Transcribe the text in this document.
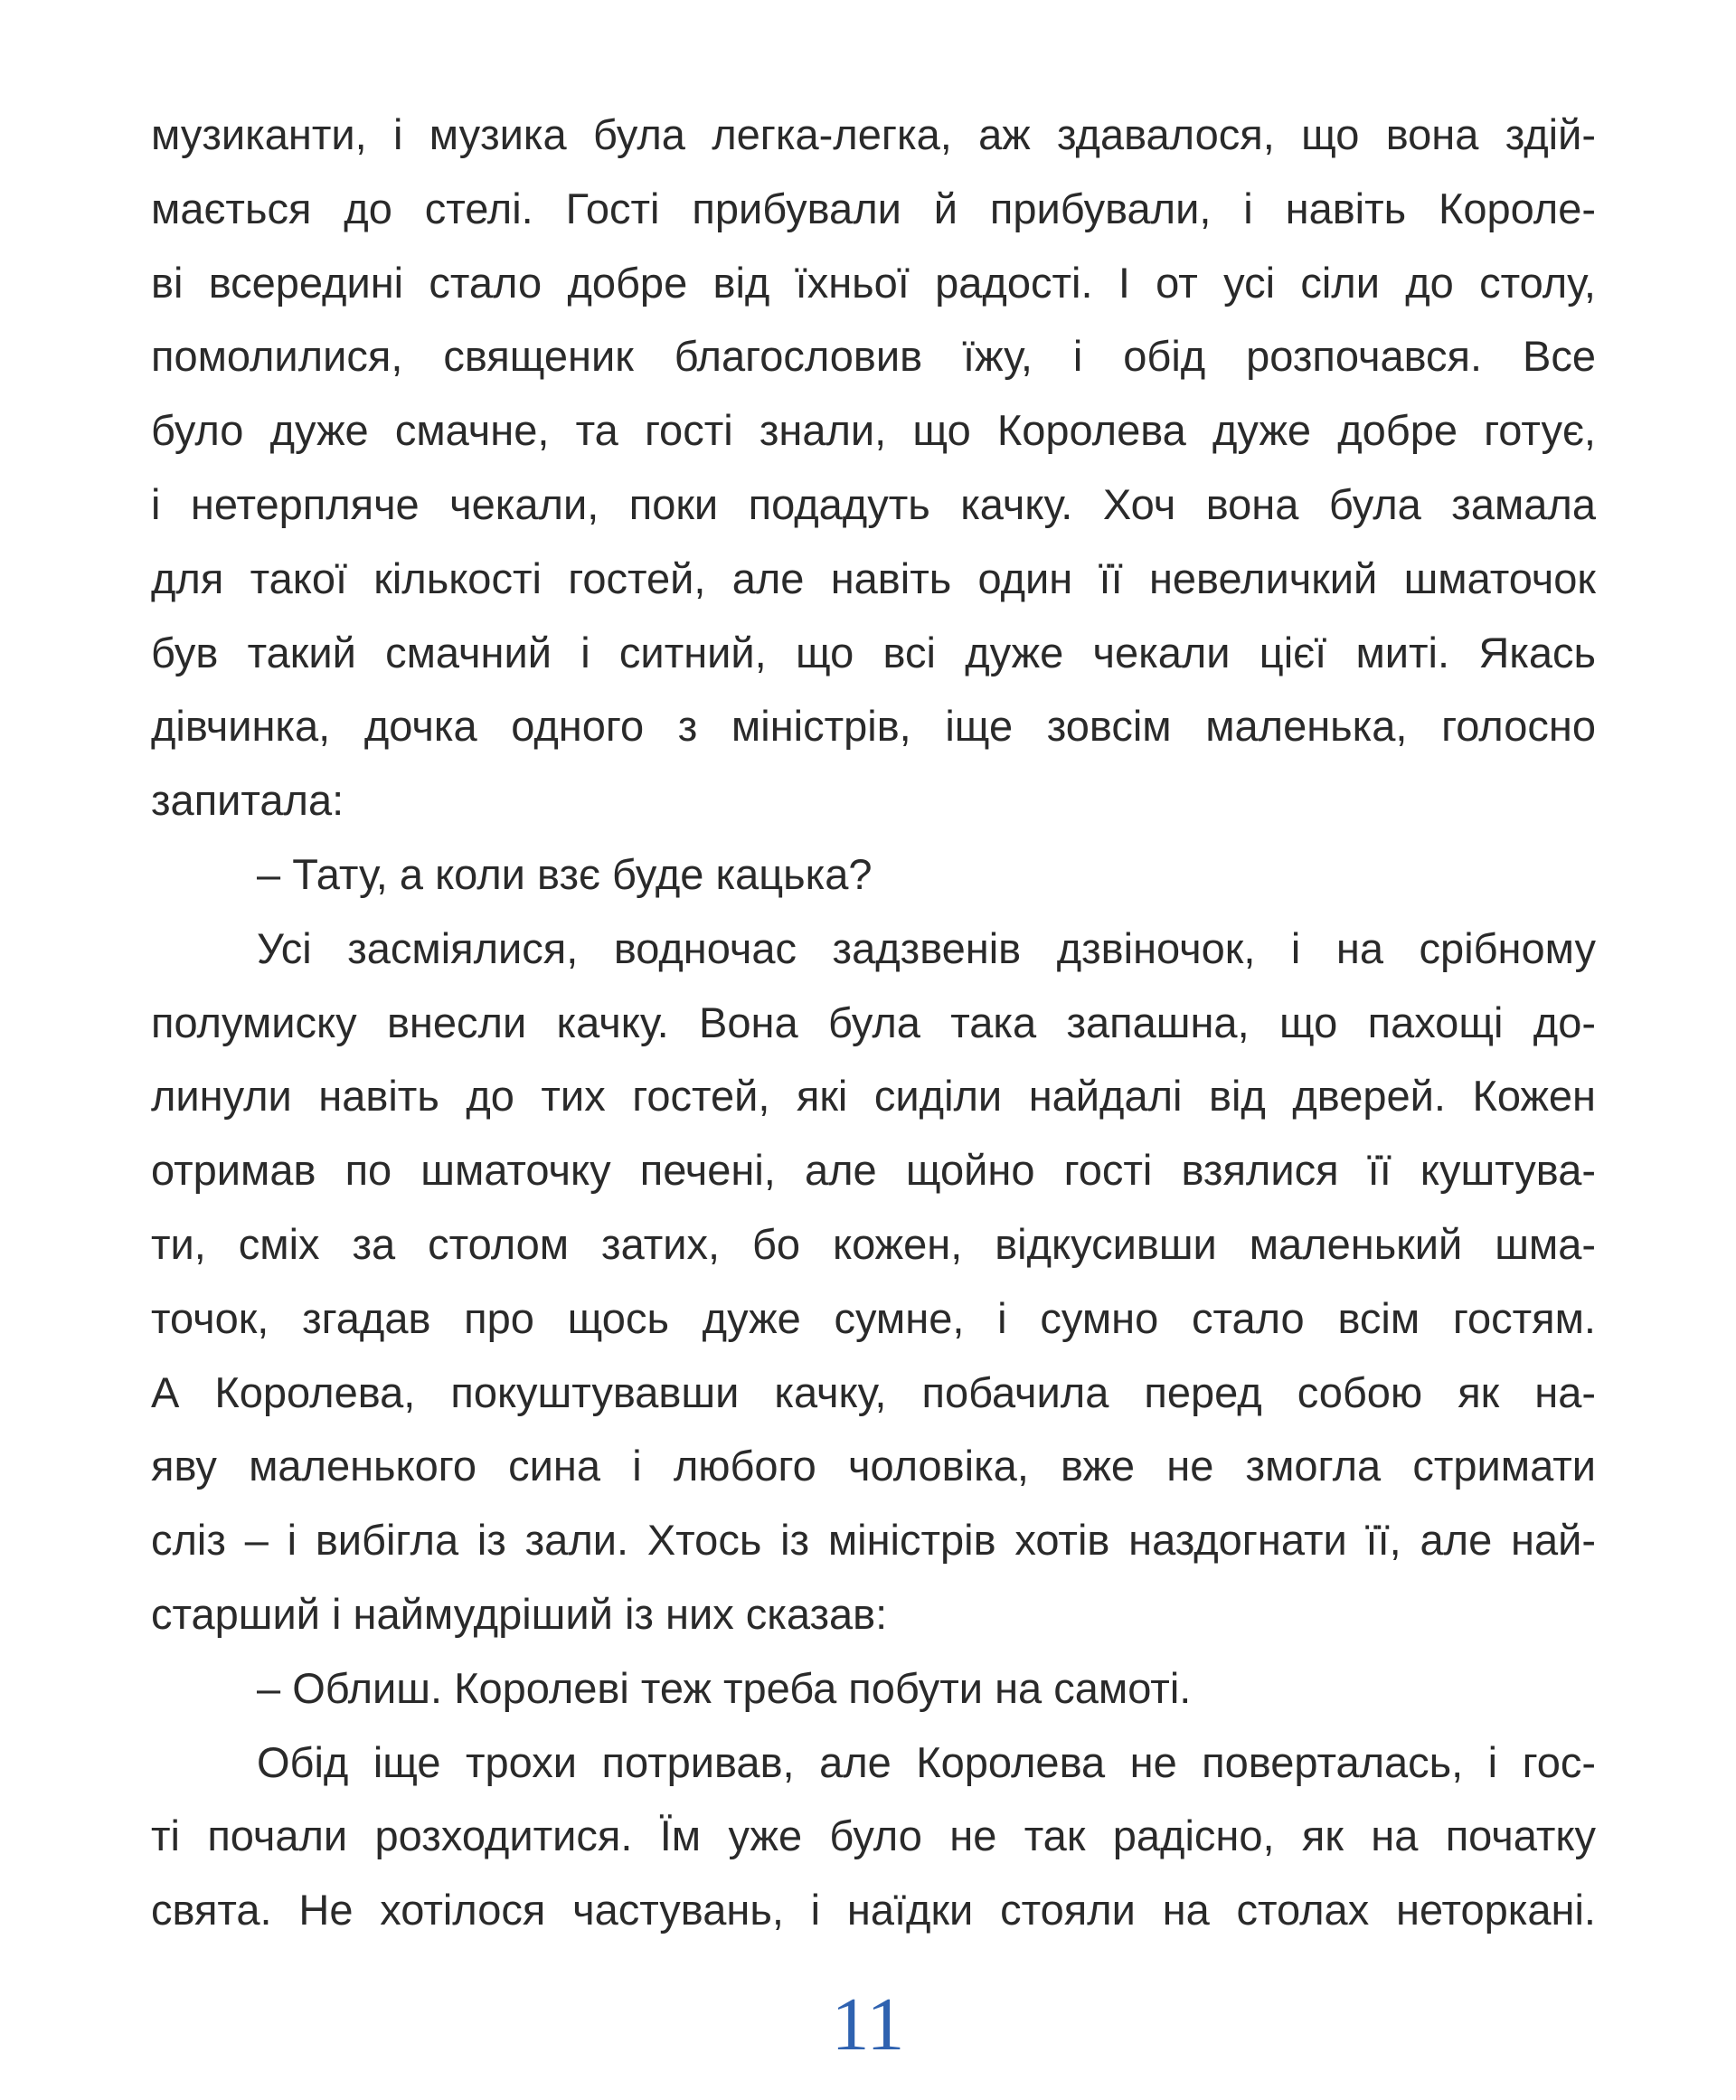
музиканти, і музика була легка-легка, аж здавалося, що вона здій-
мається до стелі. Гості прибували й прибували, і навіть Короле-
ві всередині стало добре від їхньої радості. І от усі сіли до столу,
помолилися, священик благословив їжу, і обід розпочався. Все
було дуже смачне, та гості знали, що Королева дуже добре готує,
і нетерпляче чекали, поки подадуть качку. Хоч вона була замала
для такої кількості гостей, але навіть один її невеличкий шматочок
був такий смачний і ситний, що всі дуже чекали цієї миті. Якась
дівчинка, дочка одного з міністрів, іще зовсім маленька, голосно
запитала:
– Тату, а коли взє буде кацька?
Усі засміялися, водночас задзвенів дзвіночок, і на срібному
полумиску внесли качку. Вона була така запашна, що пахощі до-
линули навіть до тих гостей, які сиділи найдалі від дверей. Кожен
отримав по шматочку печені, але щойно гості взялися її куштува-
ти, сміх за столом затих, бо кожен, відкусивши маленький шма-
точок, згадав про щось дуже сумне, і сумно стало всім гостям.
А Королева, покуштувавши качку, побачила перед собою як на-
яву маленького сина і любого чоловіка, вже не змогла стримати
сліз – і вибігла із зали. Хтось із міністрів хотів наздогнати її, але най-
старший і наймудріший із них сказав:
– Облиш. Королеві теж треба побути на самоті.
Обід іще трохи потривав, але Королева не поверталась, і гос-
ті почали розходитися. Їм уже було не так радісно, як на початку
свята. Не хотілося частувань, і наїдки стояли на столах неторкані.
11
